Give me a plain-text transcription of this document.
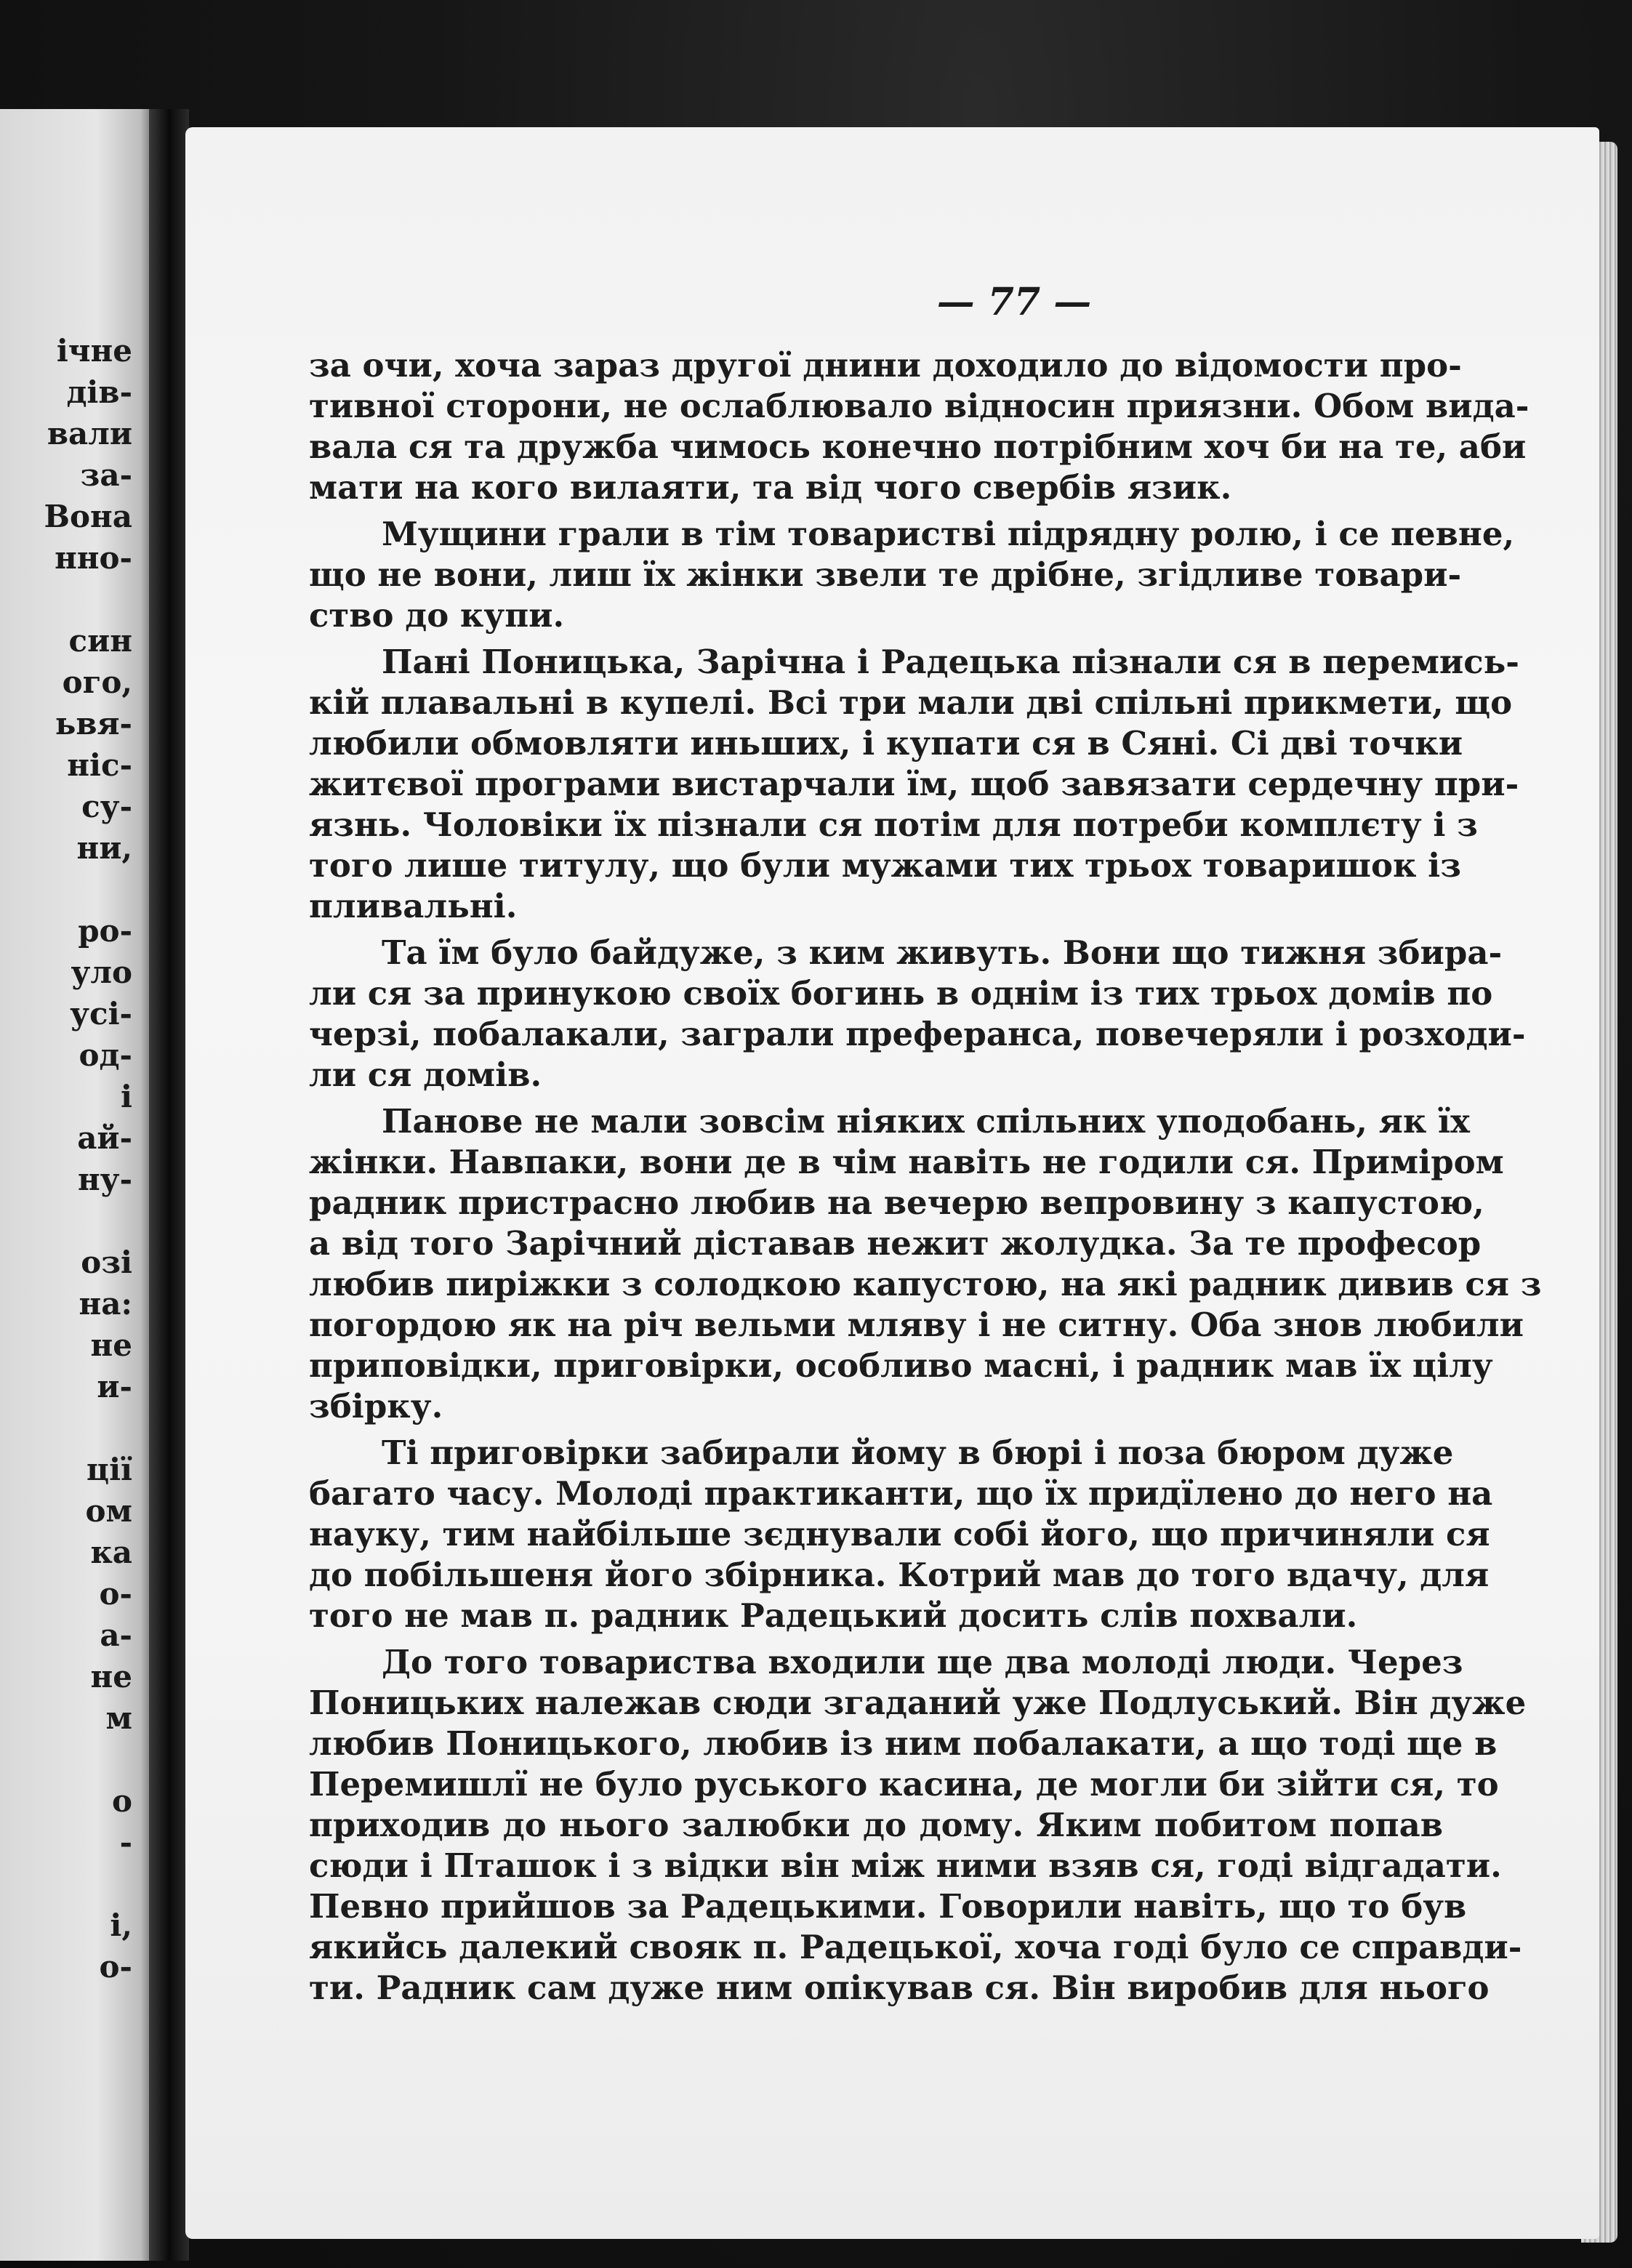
ічне
дів-
вали
за-
Вона
нно-
син
ого,
ьвя-
ніс-
су-
ни,
ро-
уло
усі-
од-
і
ай-
ну-
озі
на:
не
и-
ції
ом
ка
о-
а-
не
м
о
-
і,
о-
— 77 —
за очи, хоча зараз другої днини доходило до відомости про-
тивної сторони, не ослаблювало відносин приязни. Обом вида-
вала ся та дружба чимось конечно потрібним хоч би на те, аби
мати на кого вилаяти, та від чого свербів язик.
Мущини грали в тім товаристві підрядну ролю, і се певне,
що не вони, лиш їх жінки звели те дрібне, згідливе товари-
ство до купи.
Пані Поницька, Зарічна і Радецька пізнали ся в перемись-
кій плавальні в купелі. Всі три мали дві спільні прикмети, що
любили обмовляти иньших, і купати ся в Сяні. Сі дві точки
житєвої програми вистарчали їм, щоб завязати сердечну при-
язнь. Чоловіки їх пізнали ся потім для потреби комплєту і з
того лише титулу, що були мужами тих трьох товаришок із
пливальні.
Та їм було байдуже, з ким живуть. Вони що тижня збира-
ли ся за принукою своїх богинь в однім із тих трьох домів по
черзі, побалакали, заграли преферанса, повечеряли і розходи-
ли ся домів.
Панове не мали зовсім ніяких спільних уподобань, як їх
жінки. Навпаки, вони де в чім навіть не годили ся. Приміром
радник пристрасно любив на вечерю вепровину з капустою,
а від того Зарічний діставав нежит жолудка. За те професор
любив пиріжки з солодкою капустою, на які радник дивив ся з
погордою як на річ вельми мляву і не ситну. Оба знов любили
приповідки, приговірки, особливо масні, і радник мав їх цілу
збірку.
Ті приговірки забирали йому в бюрі і поза бюром дуже
багато часу. Молоді практиканти, що їх придїлено до него на
науку, тим найбільше зєднували собі його, що причиняли ся
до побільшеня його збірника. Котрий мав до того вдачу, для
того не мав п. радник Радецький досить слів похвали.
До того товариства входили ще два молоді люди. Через
Поницьких належав сюди згаданий уже Подлуський. Він дуже
любив Поницького, любив із ним побалакати, а що тоді ще в
Перемишлї не було руського касина, де могли би зійти ся, то
приходив до нього залюбки до дому. Яким побитом попав
сюди і Пташок і з відки він між ними взяв ся, годі відгадати.
Певно прийшов за Радецькими. Говорили навіть, що то був
якийсь далекий свояк п. Радецької, хоча годі було се справди-
ти. Радник сам дуже ним опікував ся. Він виробив для нього
